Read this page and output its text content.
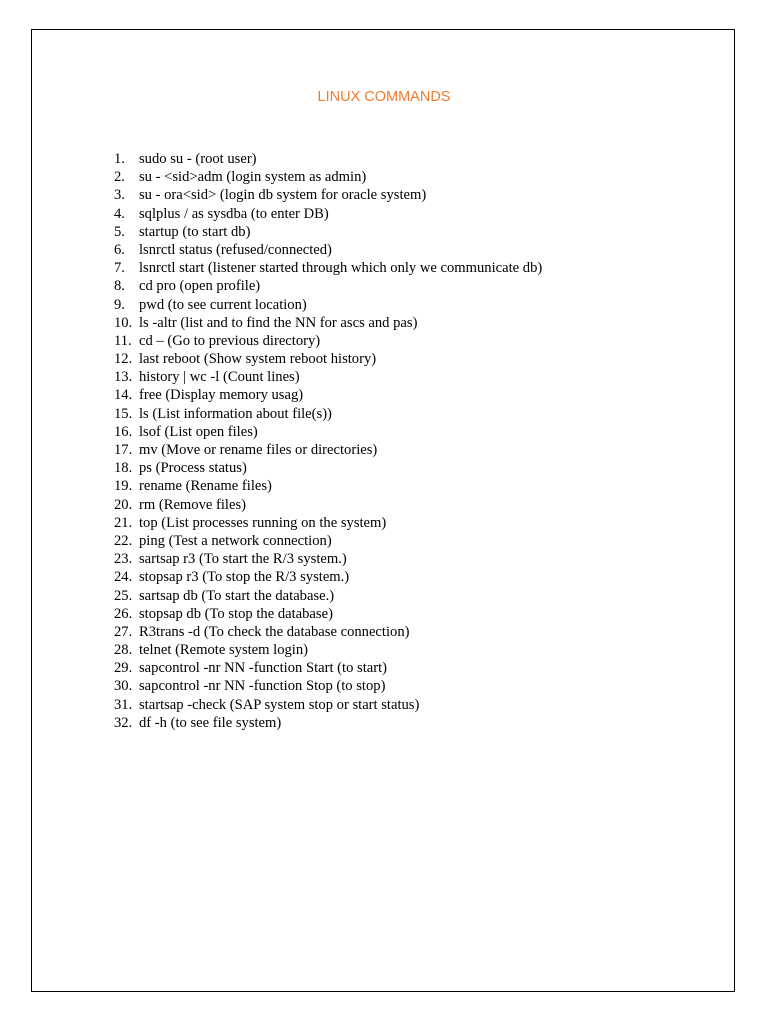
LINUX COMMANDS
1. sudo su - (root user)
2. su - <sid>adm (login system as admin)
3. su - ora<sid> (login db system for oracle system)
4. sqlplus / as sysdba (to enter DB)
5. startup (to start db)
6. lsnrctl status (refused/connected)
7. lsnrctl start (listener started through which only we communicate db)
8. cd pro (open profile)
9. pwd (to see current location)
10. ls -altr (list and to find the NN for ascs and pas)
11. cd – (Go to previous directory)
12. last reboot (Show system reboot history)
13. history | wc -l (Count lines)
14. free (Display memory usag)
15. ls (List information about file(s))
16. lsof (List open files)
17. mv (Move or rename files or directories)
18. ps (Process status)
19. rename (Rename files)
20. rm (Remove files)
21. top (List processes running on the system)
22. ping (Test a network connection)
23. sartsap r3 (To start the R/3 system.)
24. stopsap r3 (To stop the R/3 system.)
25. sartsap db (To start the database.)
26. stopsap db (To stop the database)
27. R3trans -d (To check the database connection)
28. telnet (Remote system login)
29. sapcontrol -nr NN -function Start (to start)
30. sapcontrol -nr NN -function Stop (to stop)
31. startsap -check (SAP system stop or start status)
32. df -h (to see file system)
